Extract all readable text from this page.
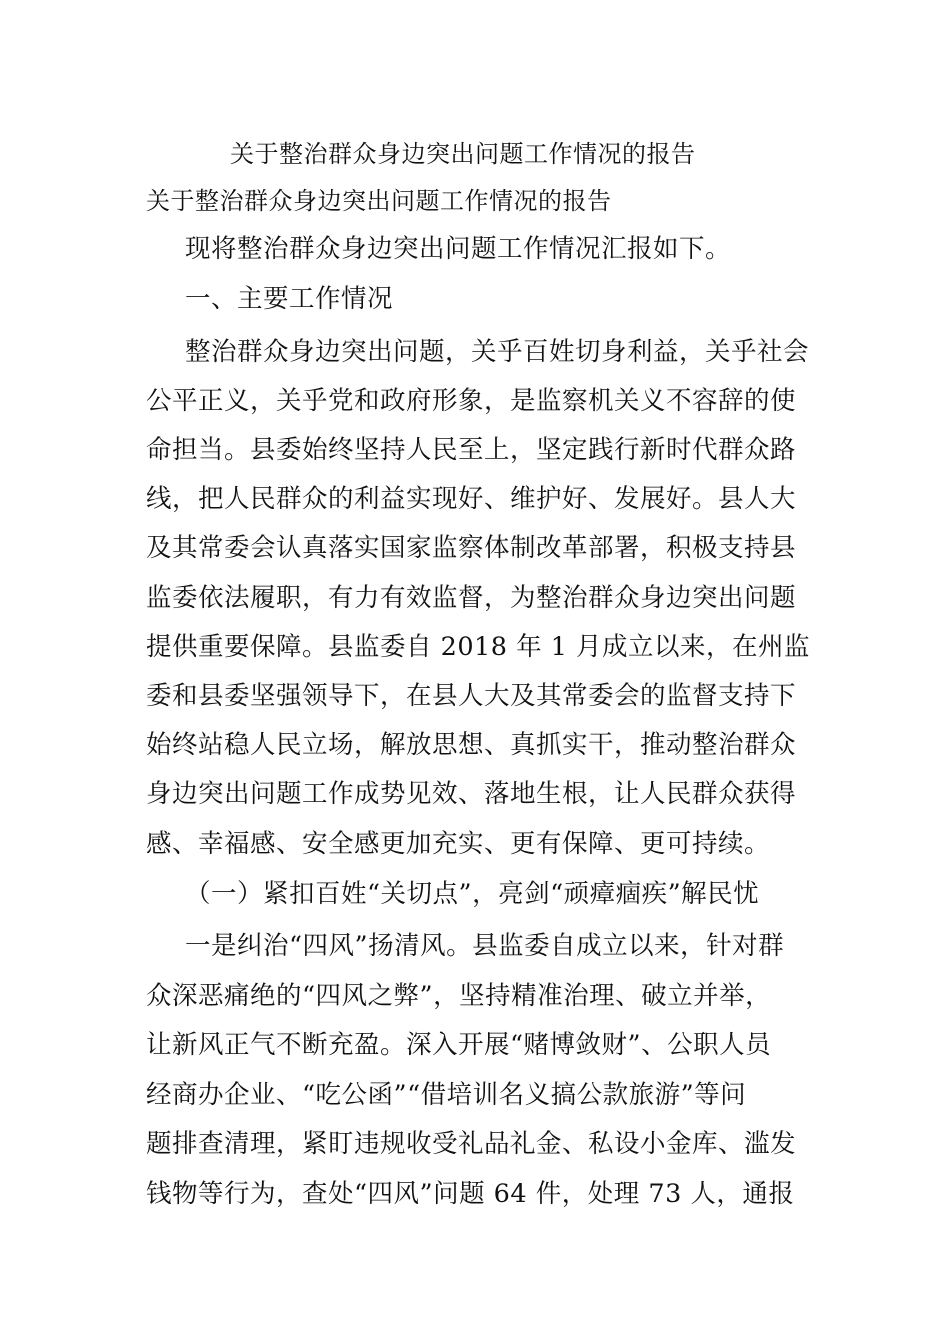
关于整治群众身边突出问题工作情况的报告
关于整治群众身边突出问题工作情况的报告
现将整治群众身边突出问题工作情况汇报如下。
一、主要工作情况
整治群众身边突出问题，关乎百姓切身利益，关乎社会
公平正义，关乎党和政府形象，是监察机关义不容辞的使
命担当。县委始终坚持人民至上，坚定践行新时代群众路
线，把人民群众的利益实现好、维护好、发展好。县人大
及其常委会认真落实国家监察体制改革部署，积极支持县
监委依法履职，有力有效监督，为整治群众身边突出问题
提供重要保障。县监委自 2018 年 1 月成立以来，在州监
委和县委坚强领导下，在县人大及其常委会的监督支持下
始终站稳人民立场，解放思想、真抓实干，推动整治群众
身边突出问题工作成势见效、落地生根，让人民群众获得
感、幸福感、安全感更加充实、更有保障、更可持续。
（一）紧扣百姓“关切点”，亮剑“顽瘴痼疾”解民忧
一是纠治“四风”扬清风。县监委自成立以来，针对群
众深恶痛绝的“四风之弊”，坚持精准治理、破立并举，
让新风正气不断充盈。深入开展“赌博敛财”、公职人员
经商办企业、“吃公函”“借培训名义搞公款旅游”等问
题排查清理，紧盯违规收受礼品礼金、私设小金库、滥发
钱物等行为，查处“四风”问题 64 件，处理 73 人，通报
